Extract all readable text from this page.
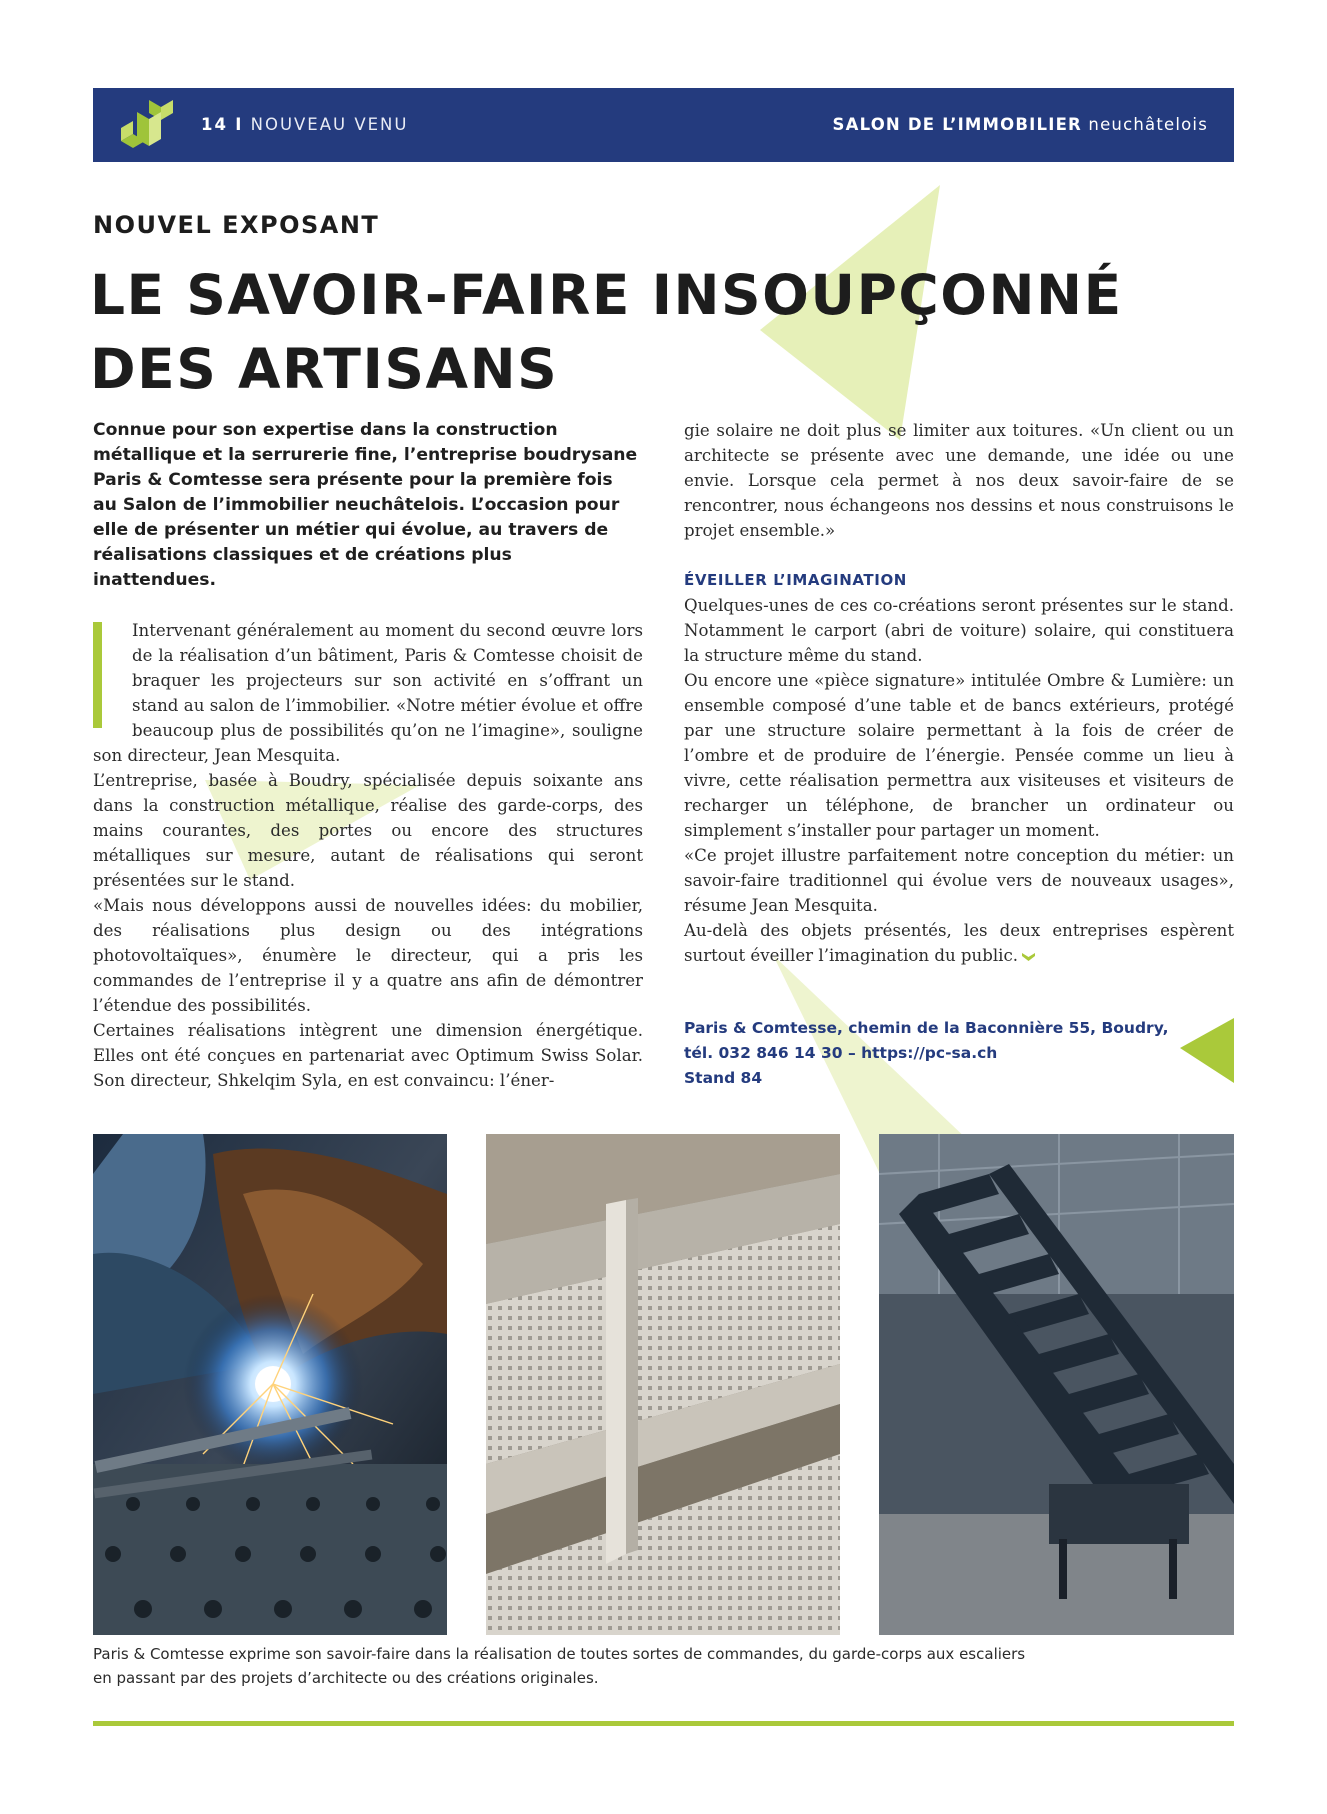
14 I NOUVEAU VENU	SALON DE L’IMMOBILIER neuchâtelois
NOUVEL EXPOSANT
LE SAVOIR-FAIRE INSOUPÇONNÉ
DES ARTISANS
Connue pour son expertise dans la construction métallique et la serrurerie fine, l’entreprise boudrysane Paris & Comtesse sera présente pour la première fois au Salon de l’immobilier neuchâtelois. L’occasion pour elle de présenter un métier qui évolue, au travers de réalisations classiques et de créations plus inattendues.

Intervenant généralement au moment du second œuvre lors de la réalisation d’un bâtiment, Paris & Comtesse choisit de braquer les projecteurs sur son activité en s’offrant un stand au salon de l’immobilier. «Notre métier évolue et offre beaucoup plus de possibilités qu’on ne l’imagine», souligne son directeur, Jean Mesquita.

L’entreprise, basée à Boudry, spécialisée depuis soixante ans dans la construction métallique, réalise des garde-corps, des mains courantes, des portes ou encore des structures métalliques sur mesure, autant de réalisations qui seront présentées sur le stand.

«Mais nous développons aussi de nouvelles idées: du mobilier, des réalisations plus design ou des intégrations photovoltaïques», énumère le directeur, qui a pris les commandes de l’entreprise il y a quatre ans afin de démontrer l’étendue des possibilités.

Certaines réalisations intègrent une dimension énergétique. Elles ont été conçues en partenariat avec Optimum Swiss Solar. Son directeur, Shkelqim Syla, en est convaincu: l’éner-

gie solaire ne doit plus se limiter aux toitures. «Un client ou un architecte se présente avec une demande, une idée ou une envie. Lorsque cela permet à nos deux savoir-faire de se rencontrer, nous échangeons nos dessins et nous construisons le projet ensemble.»

ÉVEILLER L’IMAGINATION

Quelques-unes de ces co-créations seront présentes sur le stand. Notamment le carport (abri de voiture) solaire, qui constituera la structure même du stand.

Ou encore une «pièce signature» intitulée Ombre & Lumière: un ensemble composé d’une table et de bancs extérieurs, protégé par une structure solaire permettant à la fois de créer de l’ombre et de produire de l’énergie. Pensée comme un lieu à vivre, cette réalisation permettra aux visiteuses et visiteurs de recharger un téléphone, de brancher un ordinateur ou simplement s’installer pour partager un moment.

«Ce projet illustre parfaitement notre conception du métier: un savoir-faire traditionnel qui évolue vers de nouveaux usages», résume Jean Mesquita.

Au-delà des objets présentés, les deux entreprises espèrent surtout éveiller l’imagination du public.

Paris & Comtesse, chemin de la Baconnière 55, Boudry,
tél. 032 846 14 30 – https://pc-sa.ch
Stand 84
Paris & Comtesse exprime son savoir-faire dans la réalisation de toutes sortes de commandes, du garde-corps aux escaliers
en passant par des projets d’architecte ou des créations originales.
